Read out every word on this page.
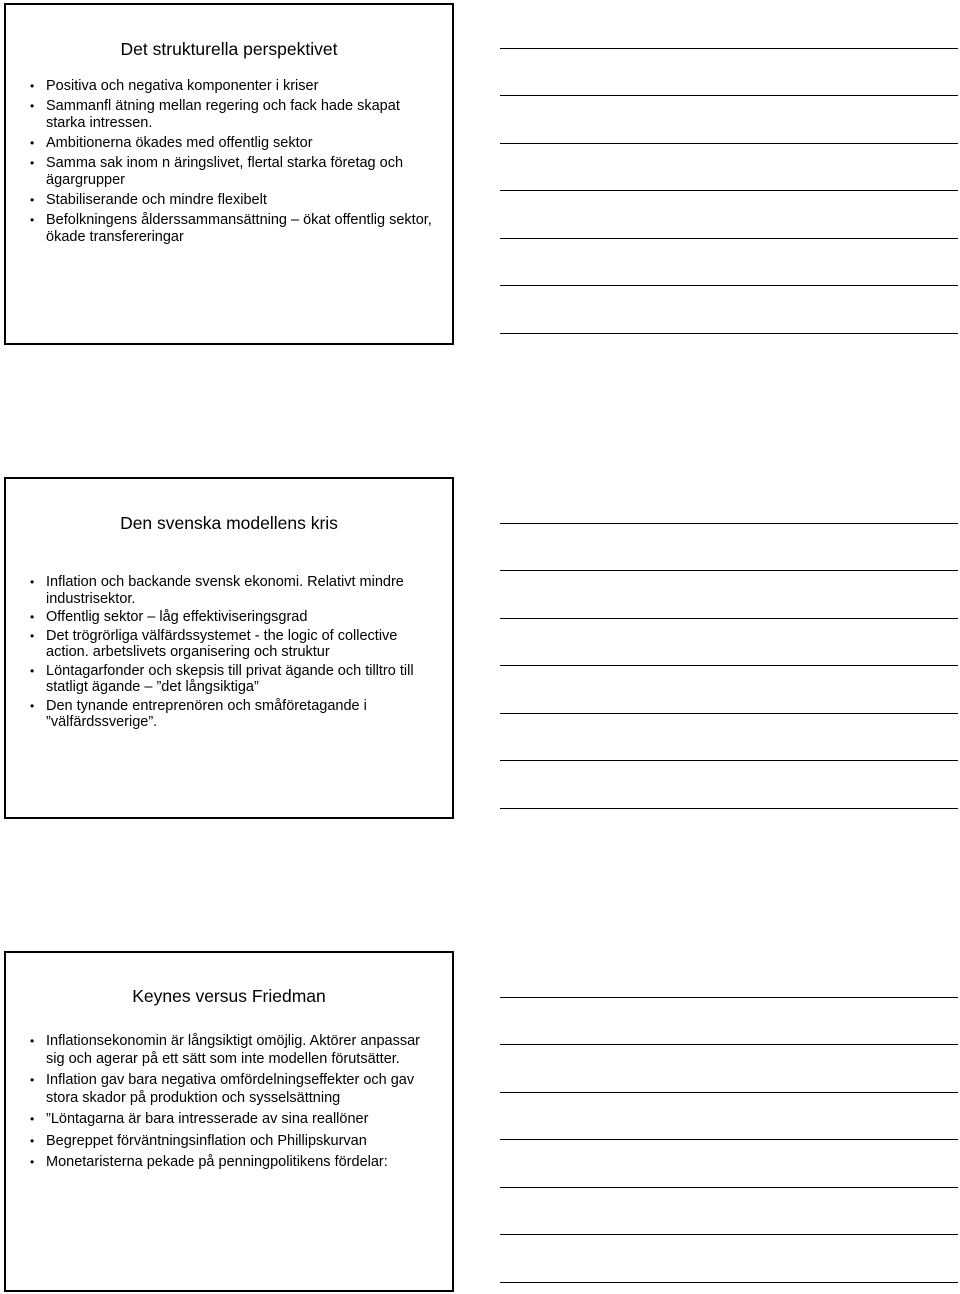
Det strukturella perspektivet
• Positiva och negativa komponenter i kriser
• Sammanfl ätning mellan regering och fack hade skapat starka intressen.
• Ambitionerna ökades med offentlig sektor
• Samma sak inom n äringslivet, flertal starka företag och ägargrupper
• Stabiliserande och mindre flexibelt
• Befolkningens ålderssammansättning – ökat offentlig sektor, ökade transfereringar
Den svenska modellens kris
• Inflation och backande svensk ekonomi. Relativt mindre industrisektor.
• Offentlig sektor – låg effektiviseringsgrad
• Det trögrörliga välfärdssystemet - the logic of collective action. arbetslivets organisering och struktur
• Löntagarfonder och skepsis till privat ägande och tilltro till statligt ägande – ”det långsiktiga”
• Den tynande entreprenören och småföretagande i ”välfärdssverige”.
Keynes versus Friedman
• Inflationsekonomin är långsiktigt omöjlig. Aktörer anpassar sig och agerar på ett sätt som inte modellen förutsätter.
• Inflation gav bara negativa omfördelningseffekter och gav stora skador på produktion och sysselsättning
• ”Löntagarna är bara intresserade av sina reallöner
• Begreppet förväntningsinflation och Phillipskurvan
• Monetaristerna pekade på penningpolitikens fördelar:
